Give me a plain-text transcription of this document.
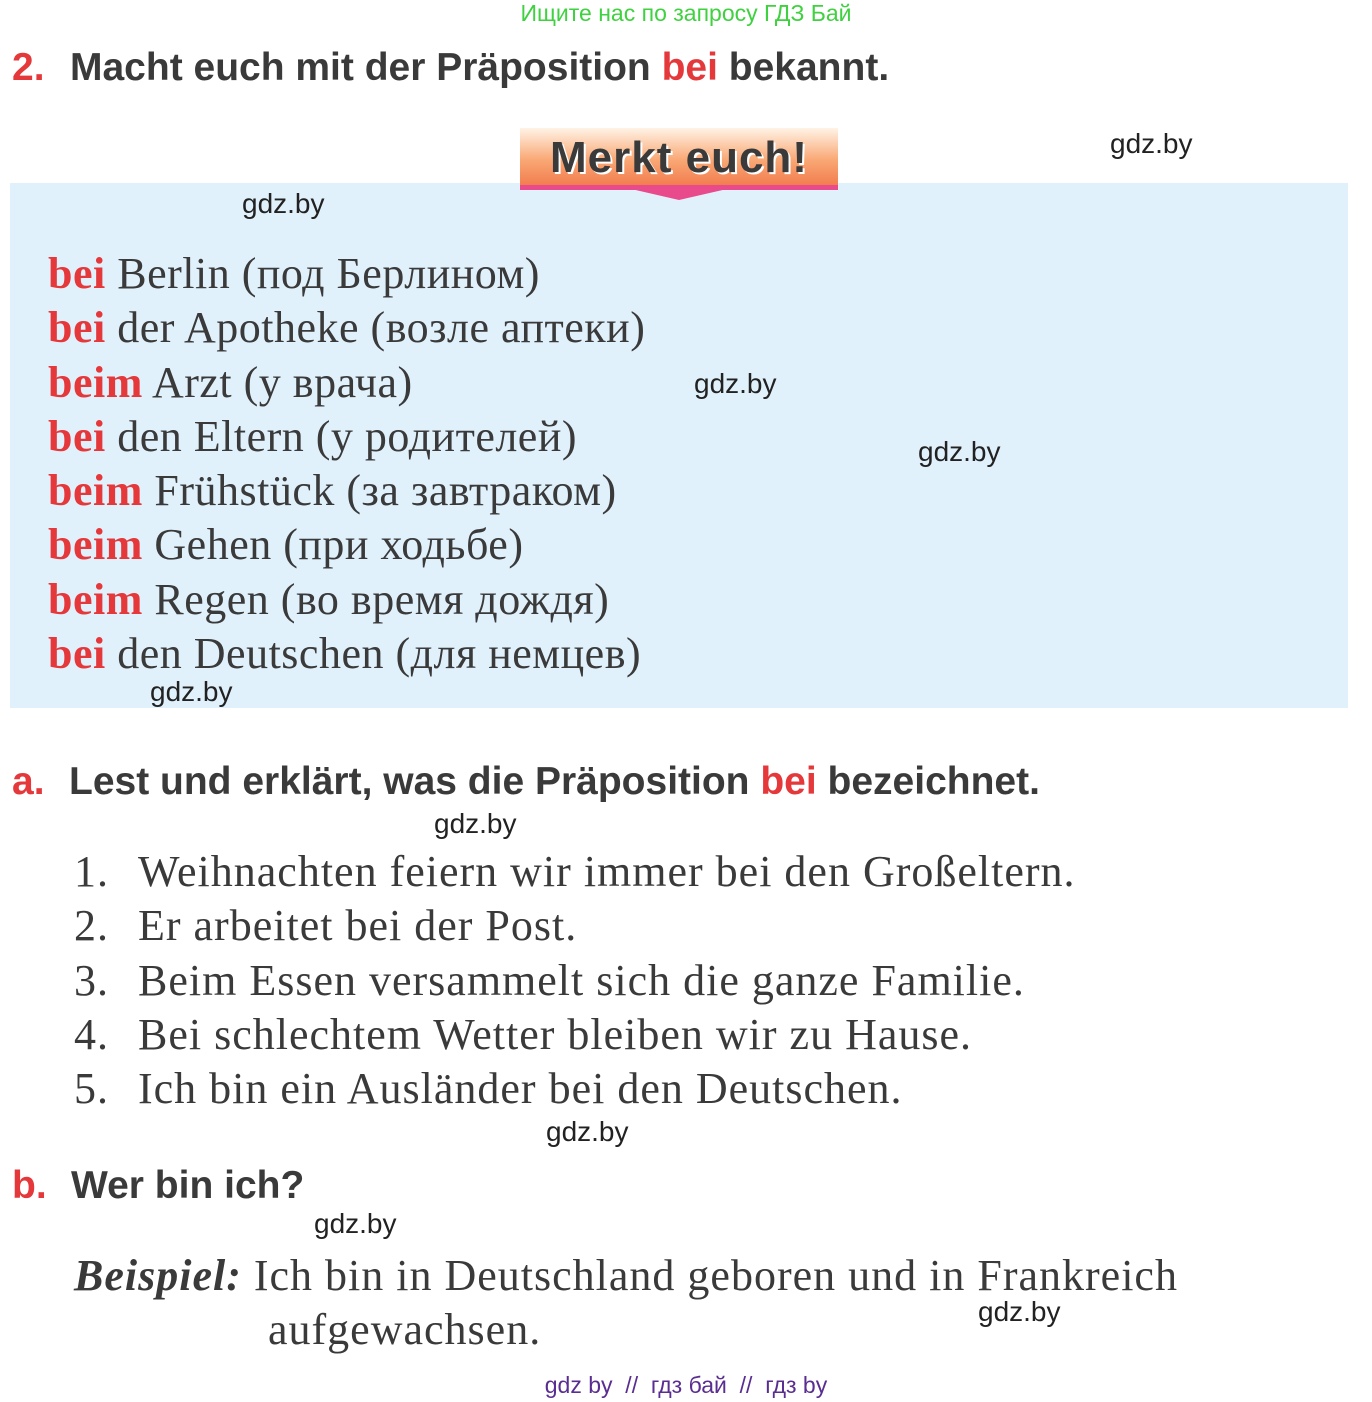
Ищите нас по запросу ГДЗ Бай
2. Macht euch mit der Präposition bei bekannt.
Merkt euch!
bei Berlin (под Берлином)
bei der Apotheke (возле аптеки)
beim Arzt (у врача)
bei den Eltern (у родителей)
beim Frühstück (за завтраком)
beim Gehen (при ходьбе)
beim Regen (во время дождя)
bei den Deutschen (для немцев)
a. Lest und erklärt, was die Präposition bei bezeichnet.
1. Weihnachten feiern wir immer bei den Großeltern.
2. Er arbeitet bei der Post.
3. Beim Essen versammelt sich die ganze Familie.
4. Bei schlechtem Wetter bleiben wir zu Hause.
5. Ich bin ein Ausländer bei den Deutschen.
b. Wer bin ich?
Beispiel: Ich bin in Deutschland geboren und in Frankreich
aufgewachsen.
gdz.by
gdz.by
gdz.by
gdz.by
gdz.by
gdz.by
gdz.by
gdz.by
gdz.by
gdz by  //  гдз бай  //  гдз by
